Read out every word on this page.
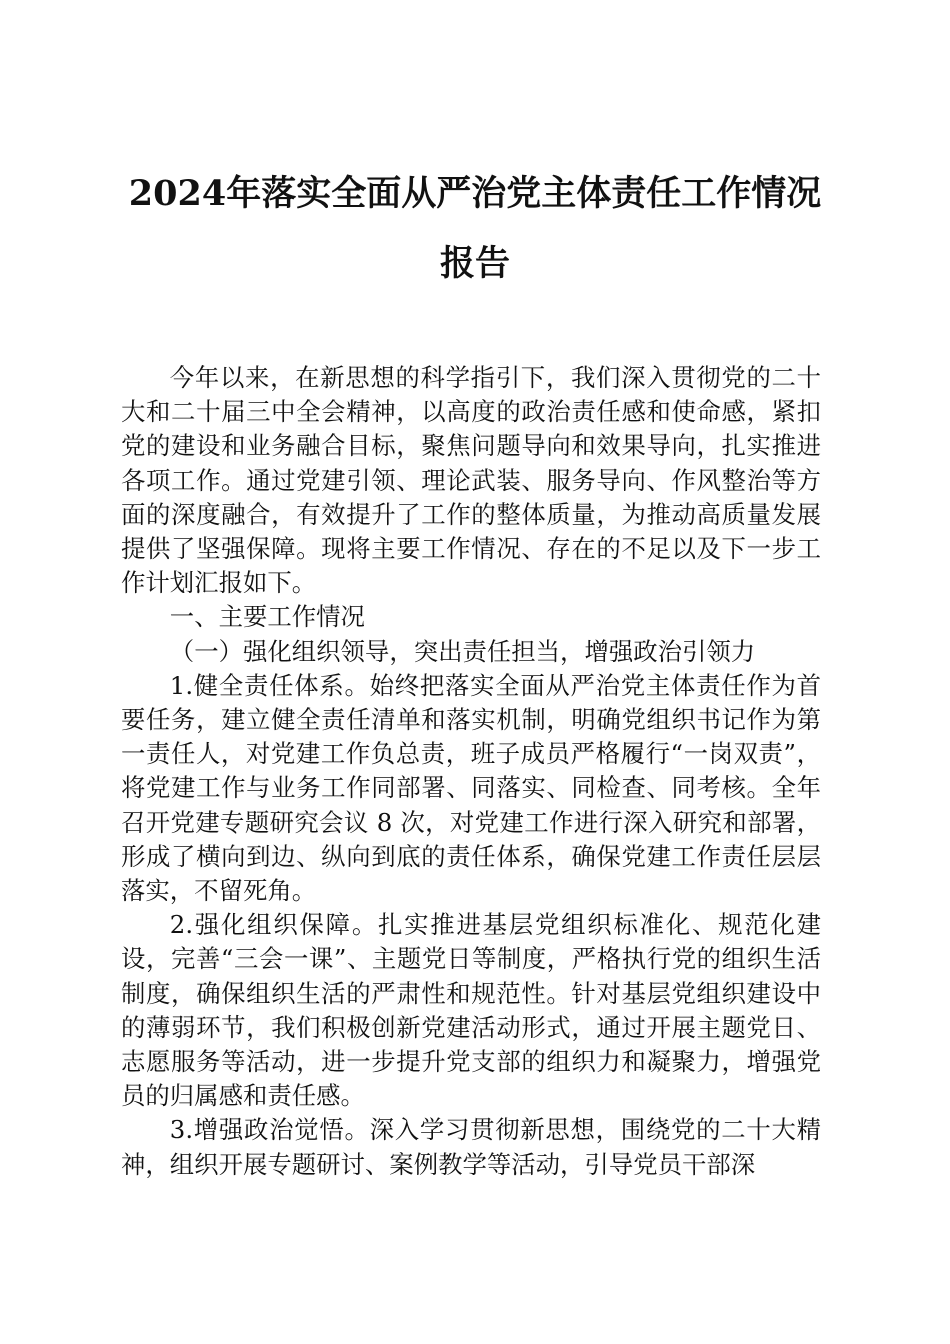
2024年落实全面从严治党主体责任工作情况
报告

今年以来，在新思想的科学指引下，我们深入贯彻党的二十大和二十届三中全会精神，以高度的政治责任感和使命感，紧扣党的建设和业务融合目标，聚焦问题导向和效果导向，扎实推进各项工作。通过党建引领、理论武装、服务导向、作风整治等方面的深度融合，有效提升了工作的整体质量，为推动高质量发展提供了坚强保障。现将主要工作情况、存在的不足以及下一步工作计划汇报如下。

一、主要工作情况

（一）强化组织领导，突出责任担当，增强政治引领力

1.健全责任体系。始终把落实全面从严治党主体责任作为首要任务，建立健全责任清单和落实机制，明确党组织书记作为第一责任人，对党建工作负总责，班子成员严格履行“一岗双责”，将党建工作与业务工作同部署、同落实、同检查、同考核。全年召开党建专题研究会议 8 次，对党建工作进行深入研究和部署，形成了横向到边、纵向到底的责任体系，确保党建工作责任层层落实，不留死角。

2.强化组织保障。扎实推进基层党组织标准化、规范化建设，完善“三会一课”、主题党日等制度，严格执行党的组织生活制度，确保组织生活的严肃性和规范性。针对基层党组织建设中的薄弱环节，我们积极创新党建活动形式，通过开展主题党日、志愿服务等活动，进一步提升党支部的组织力和凝聚力，增强党员的归属感和责任感。

3.增强政治觉悟。深入学习贯彻新思想，围绕党的二十大精神，组织开展专题研讨、案例教学等活动，引导党员干部深
